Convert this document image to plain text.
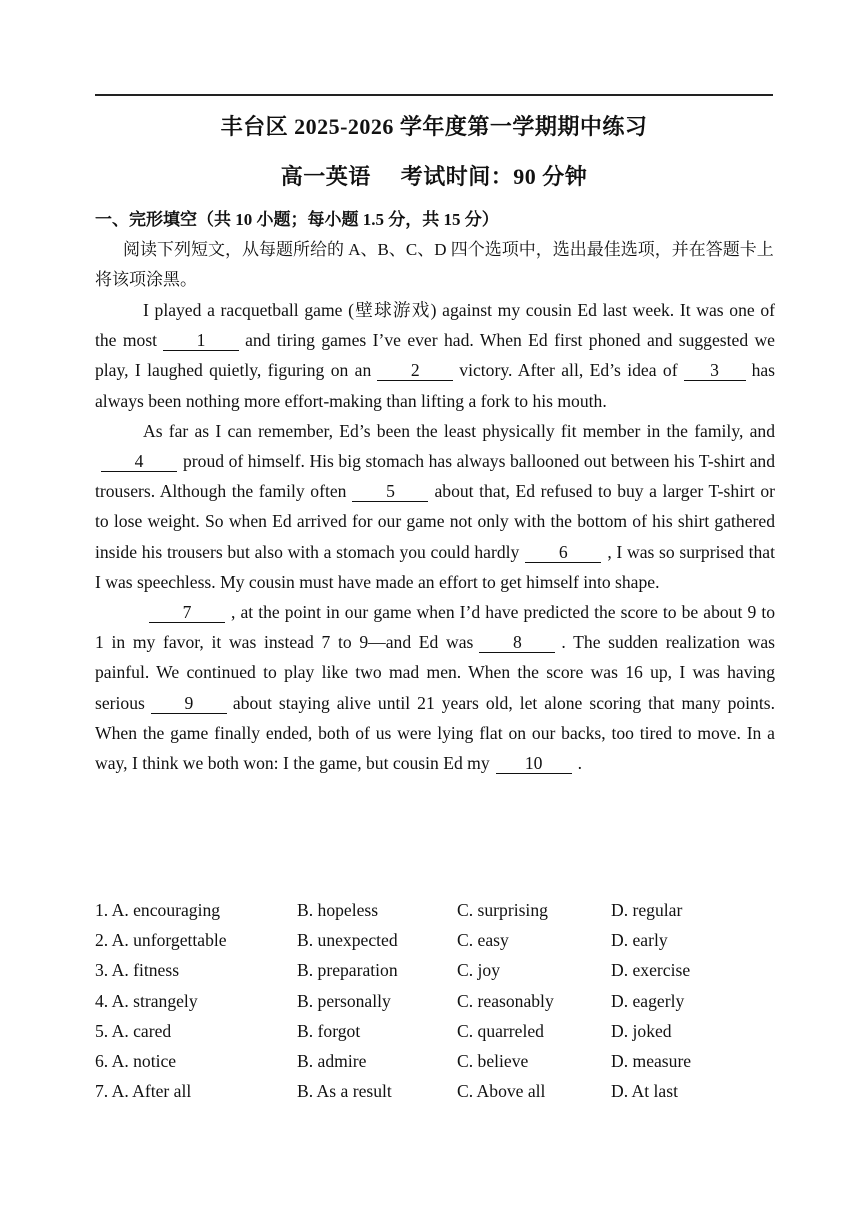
丰台区 2025-2026 学年度第一学期期中练习
高一英语 考试时间：90 分钟
一、完形填空（共 10 小题；每小题 1.5 分，共 15 分）
阅读下列短文，从每题所给的 A、B、C、D 四个选项中，选出最佳选项，并在答题卡上将该项涂黑。

I played a racquetball game (壁球游戏) against my cousin Ed last week. It was one of the most 1 and tiring games I’ve ever had. When Ed first phoned and suggested we play, I laughed quietly, figuring on an 2 victory. After all, Ed’s idea of 3 has always been nothing more effort-making than lifting a fork to his mouth.

As far as I can remember, Ed’s been the least physically fit member in the family, and4 proud of himself. His big stomach has always ballooned out between his T-shirt and trousers. Although the family often 5 about that, Ed refused to buy a larger T-shirt or to lose weight. So when Ed arrived for our game not only with the bottom of his shirt gathered inside his trousers but also with a stomach you could hardly 6 , I was so surprised that I was speechless. My cousin must have made an effort to get himself into shape.

7 , at the point in our game when I’d have predicted the score to be about 9 to 1 in my favor, it was instead 7 to 9—and Ed was 8 . The sudden realization was painful. We continued to play like two mad men. When the score was 16 up, I was having serious 9 about staying alive until 21 years old, let alone scoring that many points. When the game finally ended, both of us were lying flat on our backs, too tired to move. In a way, I think we both won: I the game, but cousin Ed my 10 .

1. A. encouraging	B. hopeless	C. surprising	D. regular
2. A. unforgettable	B. unexpected	C. easy	D. early
3. A. fitness	B. preparation	C. joy	D. exercise
4. A. strangely	B. personally	C. reasonably	D. eagerly
5. A. cared	B. forgot	C. quarreled	D. joked
6. A. notice	B. admire	C. believe	D. measure
7. A. After all	B. As a result	C. Above all	D. At last
